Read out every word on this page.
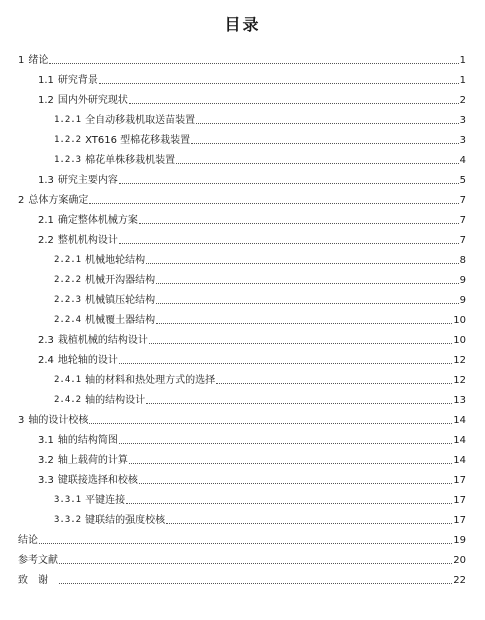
目录
1 绪论	1
1.1 研究背景	1
1.2 国内外研究现状	2
1.2.1 全自动移栽机取送苗装置	3
1.2.2 XT616 型棉花移栽装置	3
1.2.3 棉花单株移栽机装置	4
1.3 研究主要内容	5
2 总体方案确定	7
2.1 确定整体机械方案	7
2.2 整机机构设计	7
2.2.1 机械地轮结构	8
2.2.2 机械开沟器结构	9
2.2.3 机械镇压轮结构	9
2.2.4 机械覆土器结构	10
2.3 栽植机械的结构设计	10
2.4 地轮轴的设计	12
2.4.1 轴的材料和热处理方式的选择	12
2.4.2 轴的结构设计	13
3 轴的设计校核	14
3.1 轴的结构简图	14
3.2 轴上载荷的计算	14
3.3 键联接选择和校核	17
3.3.1 平键连接	17
3.3.2 键联结的强度校核	17
结论	19
参考文献	20
致谢	22
